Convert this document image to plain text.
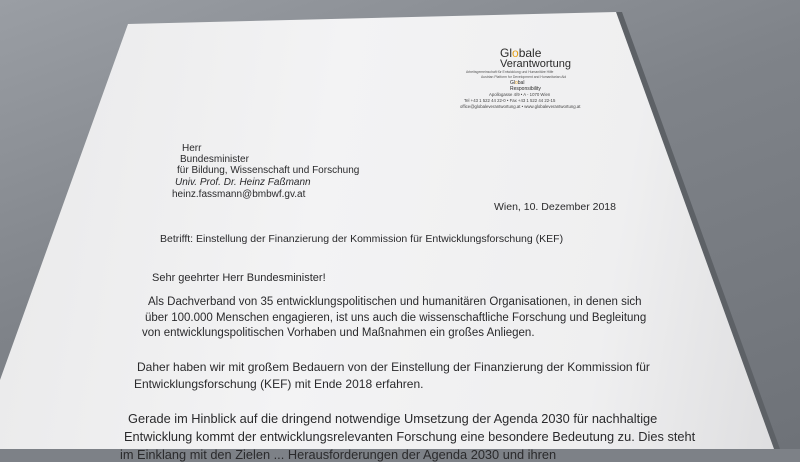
Globale
Verantwortung
Arbeitsgemeinschaft für Entwicklung und Humanitäre Hilfe
Austrian Platform for Development and Humanitarian Aid
Global
Responsibility
Apollogasse 4/9 • A - 1070 Wien
Tel +43 1 522 44 22-0 • Fax +43 1 522 44 22-15
office@globaleverantwortung.at • www.globaleverantwortung.at
Herr
Bundesminister
für Bildung, Wissenschaft und Forschung
Univ. Prof. Dr. Heinz Faßmann
heinz.fassmann@bmbwf.gv.at
Wien, 10. Dezember 2018
Betrifft: Einstellung der Finanzierung der Kommission für Entwicklungsforschung (KEF)
Sehr geehrter Herr Bundesminister!
Als Dachverband von 35 entwicklungspolitischen und humanitären Organisationen, in denen sich
über 100.000 Menschen engagieren, ist uns auch die wissenschaftliche Forschung und Begleitung
von entwicklungspolitischen Vorhaben und Maßnahmen ein großes Anliegen.
Daher haben wir mit großem Bedauern von der Einstellung der Finanzierung der Kommission für
Entwicklungsforschung (KEF) mit Ende 2018 erfahren.
Gerade im Hinblick auf die dringend notwendige Umsetzung der Agenda 2030 für nachhaltige
Entwicklung kommt der entwicklungsrelevanten Forschung eine besondere Bedeutung zu. Dies steht
im Einklang mit den Zielen ... Herausforderungen der Agenda 2030 und ihren
